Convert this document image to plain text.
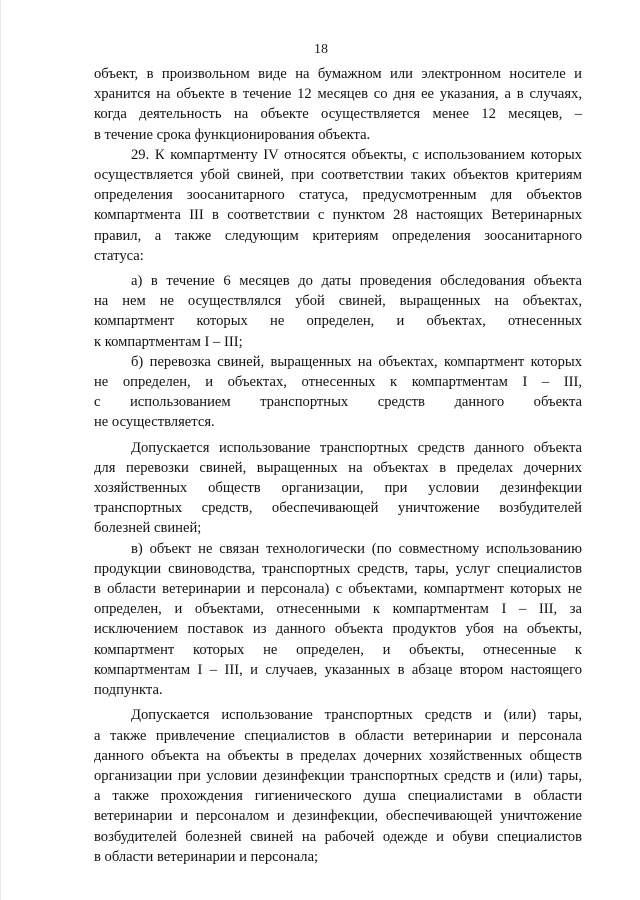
18

объект, в произвольном виде на бумажном или электронном носителе и

хранится на объекте в течение 12 месяцев со дня ее указания, а в случаях,

когда деятельность на объекте осуществляется менее 12 месяцев, –

в течение срока функционирования объекта.

29. К компартменту IV относятся объекты, с использованием которых

осуществляется убой свиней, при соответствии таких объектов критериям

определения зоосанитарного статуса, предусмотренным для объектов

компартмента III в соответствии с пунктом 28 настоящих Ветеринарных

правил, а также следующим критериям определения зоосанитарного

статуса:

а) в течение 6 месяцев до даты проведения обследования объекта

на нем не осуществлялся убой свиней, выращенных на объектах,

компартмент которых не определен, и объектах, отнесенных

к компартментам I – III;

б) перевозка свиней, выращенных на объектах, компартмент которых

не определен, и объектах, отнесенных к компартментам I – III,

с использованием транспортных средств данного объекта

не осуществляется.

Допускается использование транспортных средств данного объекта

для перевозки свиней, выращенных на объектах в пределах дочерних

хозяйственных обществ организации, при условии дезинфекции

транспортных средств, обеспечивающей уничтожение возбудителей

болезней свиней;

в) объект не связан технологически (по совместному использованию

продукции свиноводства, транспортных средств, тары, услуг специалистов

в области ветеринарии и персонала) с объектами, компартмент которых не

определен, и объектами, отнесенными к компартментам I – III, за

исключением поставок из данного объекта продуктов убоя на объекты,

компартмент которых не определен, и объекты, отнесенные к

компартментам I – III, и случаев, указанных в абзаце втором настоящего

подпункта.

Допускается использование транспортных средств и (или) тары,

а также привлечение специалистов в области ветеринарии и персонала

данного объекта на объекты в пределах дочерних хозяйственных обществ

организации при условии дезинфекции транспортных средств и (или) тары,

а также прохождения гигиенического душа специалистами в области

ветеринарии и персоналом и дезинфекции, обеспечивающей уничтожение

возбудителей болезней свиней на рабочей одежде и обуви специалистов

в области ветеринарии и персонала;
